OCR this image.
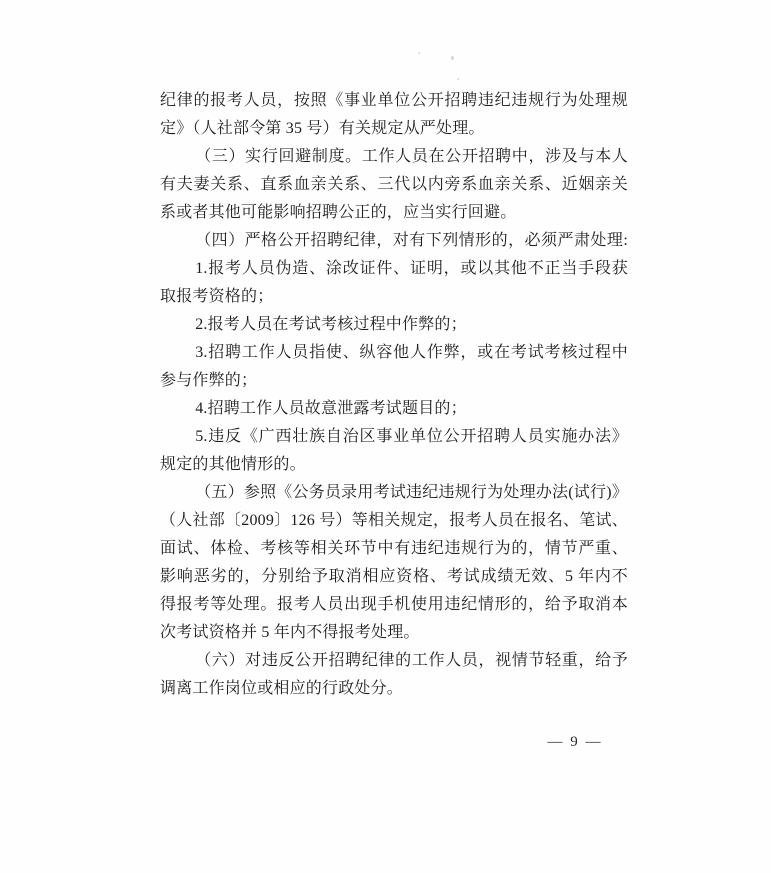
纪律的报考人员，按照《事业单位公开招聘违纪违规行为处理规
定》（人社部令第 35 号）有关规定从严处理。
（三）实行回避制度。工作人员在公开招聘中，涉及与本人
有夫妻关系、直系血亲关系、三代以内旁系血亲关系、近姻亲关
系或者其他可能影响招聘公正的，应当实行回避。
（四）严格公开招聘纪律，对有下列情形的，必须严肃处理:
1.报考人员伪造、涂改证件、证明，或以其他不正当手段获
取报考资格的；
2.报考人员在考试考核过程中作弊的；
3.招聘工作人员指使、纵容他人作弊，或在考试考核过程中
参与作弊的；
4.招聘工作人员故意泄露考试题目的；
5.违反《广西壮族自治区事业单位公开招聘人员实施办法》
规定的其他情形的。
（五）参照《公务员录用考试违纪违规行为处理办法(试行)》
（人社部〔2009〕126 号）等相关规定，报考人员在报名、笔试、
面试、体检、考核等相关环节中有违纪违规行为的，情节严重、
影响恶劣的，分别给予取消相应资格、考试成绩无效、5 年内不
得报考等处理。报考人员出现手机使用违纪情形的，给予取消本
次考试资格并 5 年内不得报考处理。
（六）对违反公开招聘纪律的工作人员，视情节轻重，给予
调离工作岗位或相应的行政处分。
— 9 —
